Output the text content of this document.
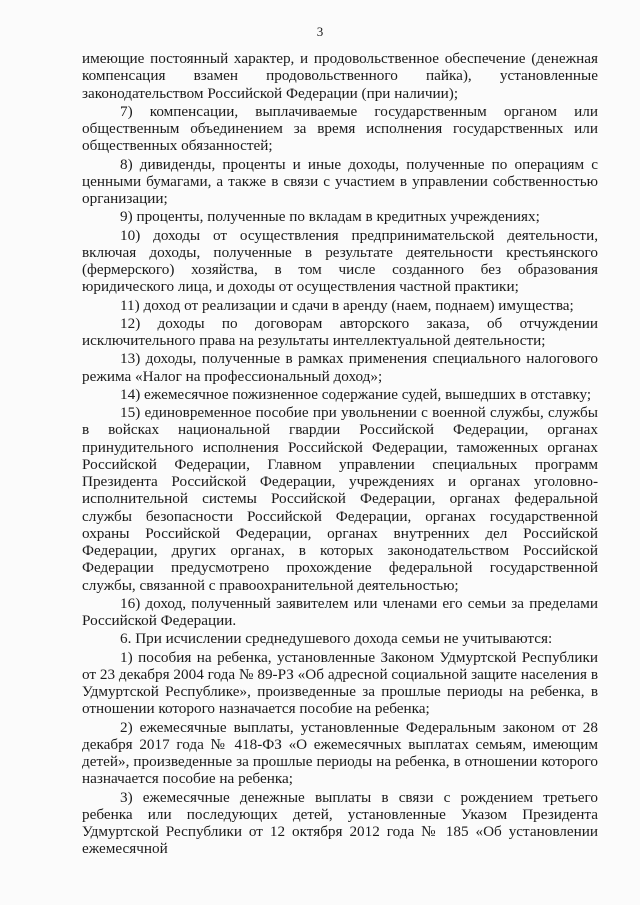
3

имеющие постоянный характер, и продовольственное обеспечение (денежная компенсация взамен продовольственного пайка), установленные законодательством Российской Федерации (при наличии);

7) компенсации, выплачиваемые государственным органом или общественным объединением за время исполнения государственных или общественных обязанностей;

8) дивиденды, проценты и иные доходы, полученные по операциям с ценными бумагами, а также в связи с участием в управлении собственностью организации;

9) проценты, полученные по вкладам в кредитных учреждениях;

10) доходы от осуществления предпринимательской деятельности, включая доходы, полученные в результате деятельности крестьянского (фермерского) хозяйства, в том числе созданного без образования юридического лица, и доходы от осуществления частной практики;

11) доход от реализации и сдачи в аренду (наем, поднаем) имущества;

12) доходы по договорам авторского заказа, об отчуждении исключительного права на результаты интеллектуальной деятельности;

13) доходы, полученные в рамках применения специального налогового режима «Налог на профессиональный доход»;

14) ежемесячное пожизненное содержание судей, вышедших в отставку;

15) единовременное пособие при увольнении с военной службы, службы в войсках национальной гвардии Российской Федерации, органах принудительного исполнения Российской Федерации, таможенных органах Российской Федерации, Главном управлении специальных программ Президента Российской Федерации, учреждениях и органах уголовно-исполнительной системы Российской Федерации, органах федеральной службы безопасности Российской Федерации, органах государственной охраны Российской Федерации, органах внутренних дел Российской Федерации, других органах, в которых законодательством Российской Федерации предусмотрено прохождение федеральной государственной службы, связанной с правоохранительной деятельностью;

16) доход, полученный заявителем или членами его семьи за пределами Российской Федерации.

6. При исчислении среднедушевого дохода семьи не учитываются:

1) пособия на ребенка, установленные Законом Удмуртской Республики от 23 декабря 2004 года № 89-РЗ «Об адресной социальной защите населения в Удмуртской Республике», произведенные за прошлые периоды на ребенка, в отношении которого назначается пособие на ребенка;

2) ежемесячные выплаты, установленные Федеральным законом от 28 декабря 2017 года № 418-ФЗ «О ежемесячных выплатах семьям, имеющим детей», произведенные за прошлые периоды на ребенка, в отношении которого назначается пособие на ребенка;

3) ежемесячные денежные выплаты в связи с рождением третьего ребенка или последующих детей, установленные Указом Президента Удмуртской Республики от 12 октября 2012 года № 185 «Об установлении ежемесячной
